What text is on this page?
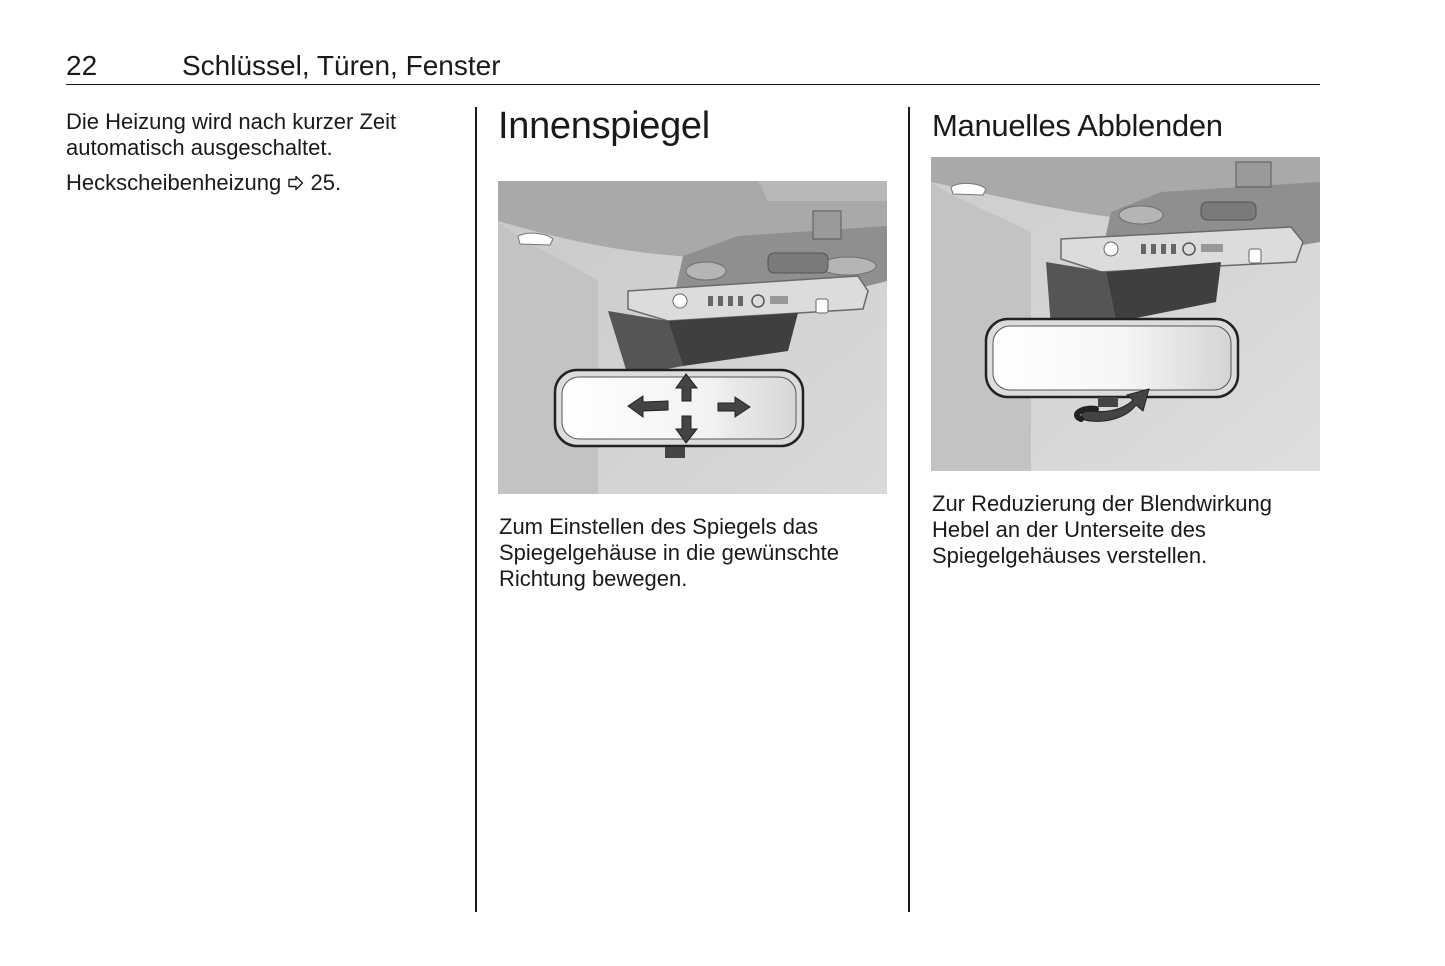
22	Schlüssel, Türen, Fenster

Die Heizung wird nach kurzer Zeit automatisch ausgeschaltet.

Heckscheibenheizung 25.

Innenspiegel

Zum Einstellen des Spiegels das Spiegelgehäuse in die gewünschte Richtung bewegen.

Manuelles Abblenden

Zur Reduzierung der Blendwirkung Hebel an der Unterseite des Spiegelgehäuses verstellen.
